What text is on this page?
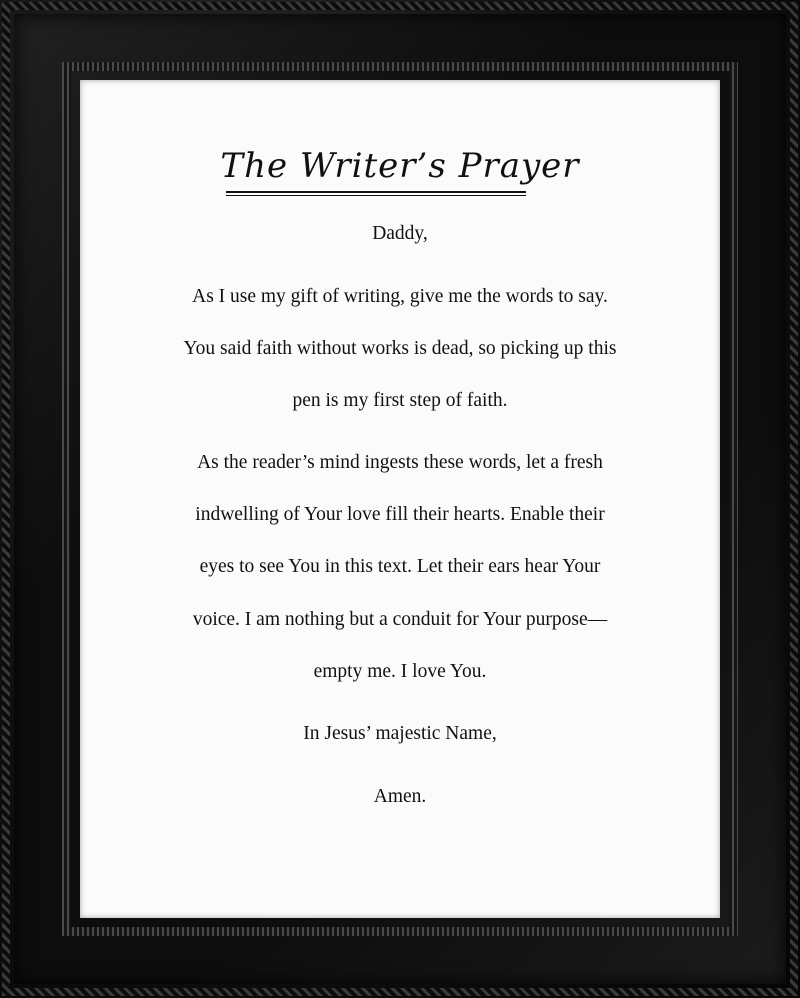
The Writer’s Prayer
Daddy,
As I use my gift of writing, give me the words to say.
You said faith without works is dead, so picking up this
pen is my first step of faith.
As the reader’s mind ingests these words, let a fresh
indwelling of Your love fill their hearts. Enable their
eyes to see You in this text. Let their ears hear Your
voice. I am nothing but a conduit for Your purpose—
empty me. I love You.
In Jesus’ majestic Name,
Amen.
